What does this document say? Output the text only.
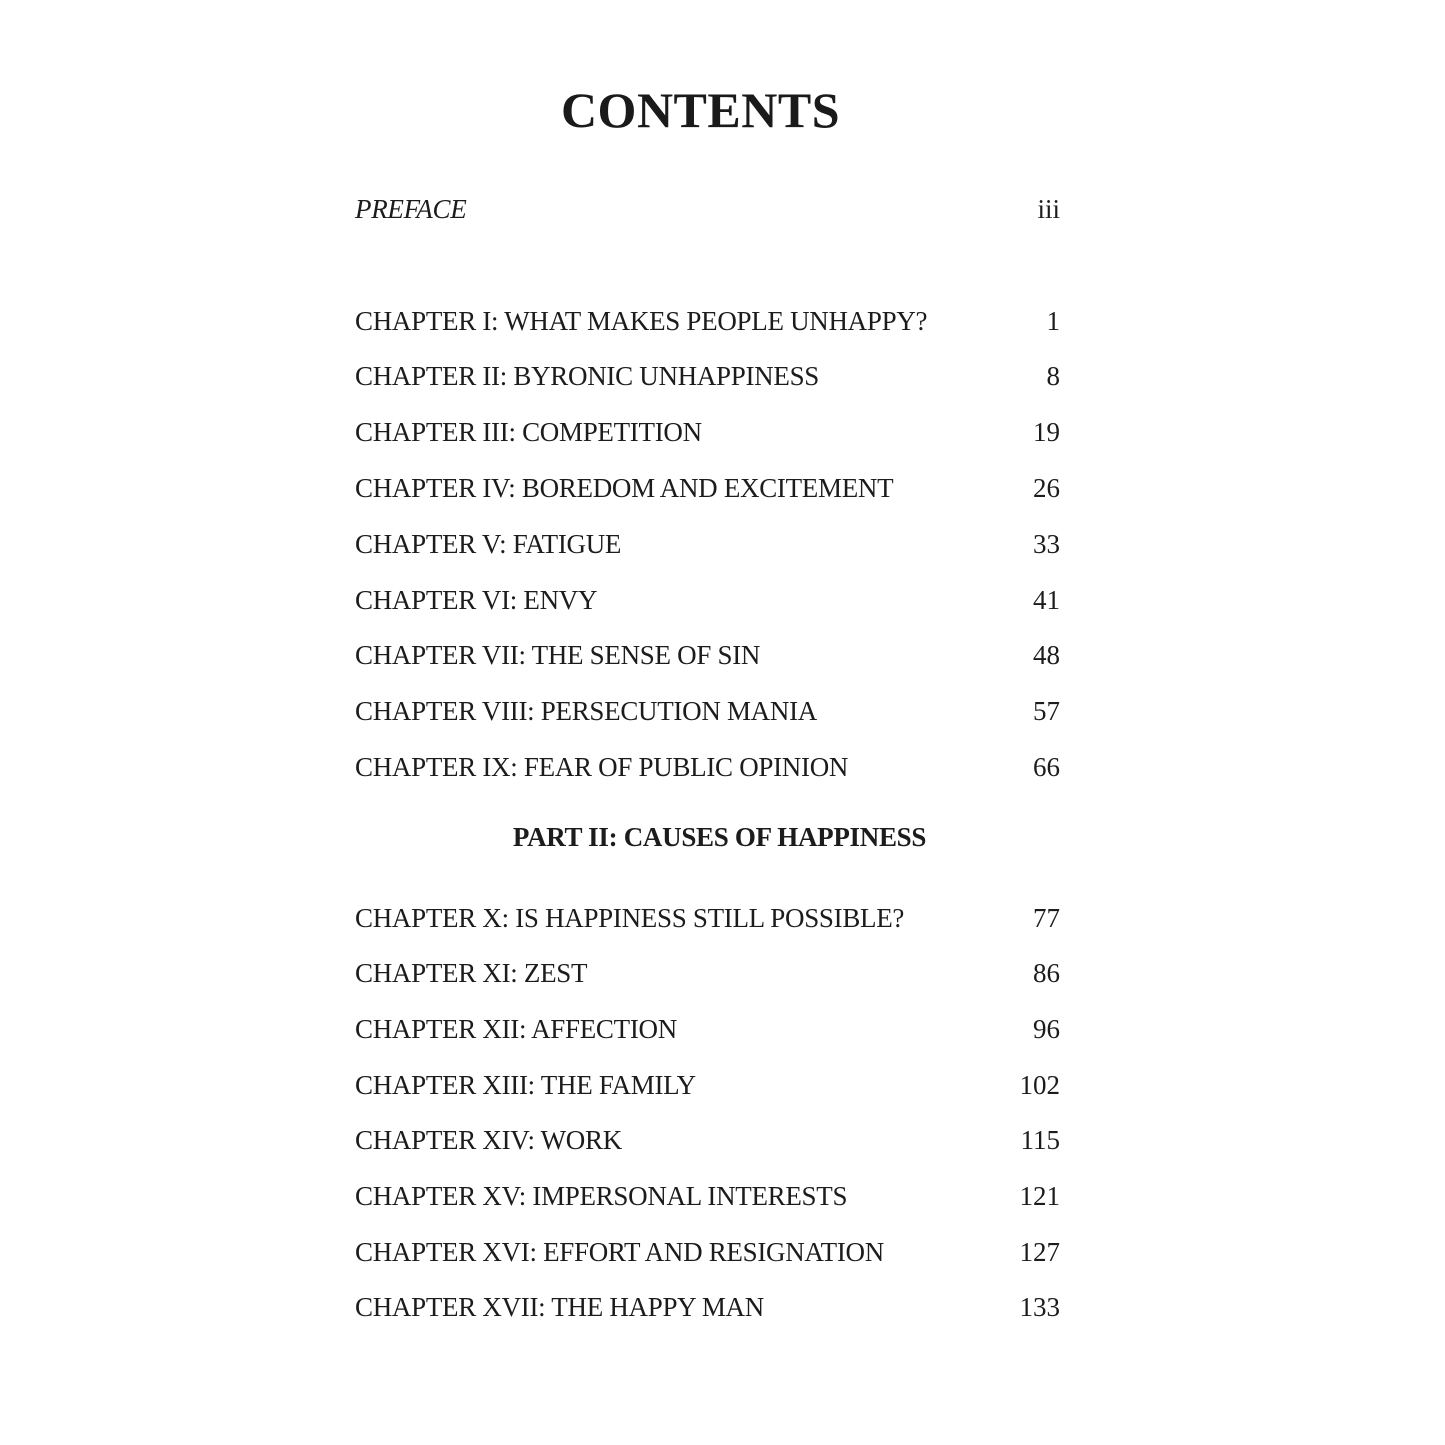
CONTENTS
PREFACE	iii
CHAPTER I: WHAT MAKES PEOPLE UNHAPPY?	1
CHAPTER II: BYRONIC UNHAPPINESS	8
CHAPTER III: COMPETITION	19
CHAPTER IV: BOREDOM AND EXCITEMENT	26
CHAPTER V: FATIGUE	33
CHAPTER VI: ENVY	41
CHAPTER VII: THE SENSE OF SIN	48
CHAPTER VIII: PERSECUTION MANIA	57
CHAPTER IX: FEAR OF PUBLIC OPINION	66
PART II: CAUSES OF HAPPINESS
CHAPTER X: IS HAPPINESS STILL POSSIBLE?	77
CHAPTER XI: ZEST	86
CHAPTER XII: AFFECTION	96
CHAPTER XIII: THE FAMILY	102
CHAPTER XIV: WORK	115
CHAPTER XV: IMPERSONAL INTERESTS	121
CHAPTER XVI: EFFORT AND RESIGNATION	127
CHAPTER XVII: THE HAPPY MAN	133
